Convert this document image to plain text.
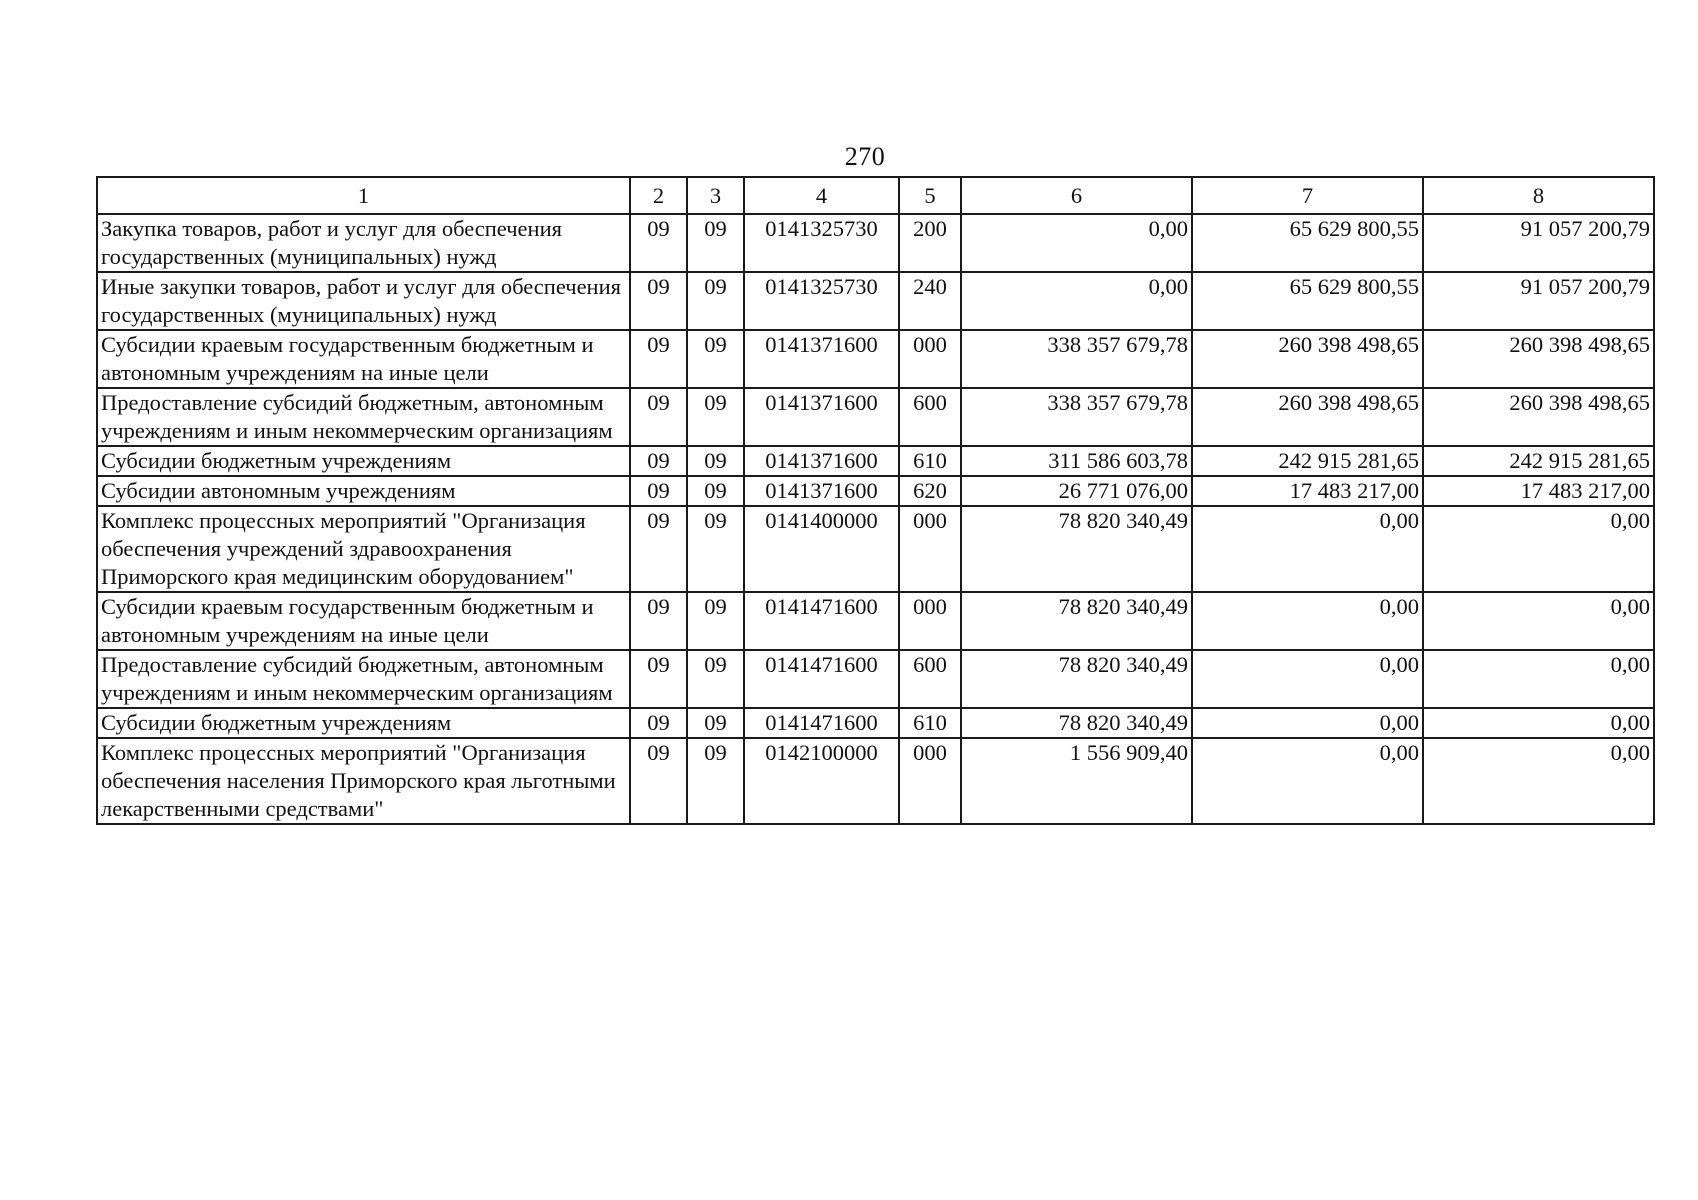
270
1	2	3	4	5	6	7	8
Закупка товаров, работ и услуг для обеспечения государственных (муниципальных) нужд	09	09	0141325730	200	0,00	65 629 800,55	91 057 200,79
Иные закупки товаров, работ и услуг для обеспечения государственных (муниципальных) нужд	09	09	0141325730	240	0,00	65 629 800,55	91 057 200,79
Субсидии краевым государственным бюджетным и автономным учреждениям на иные цели	09	09	0141371600	000	338 357 679,78	260 398 498,65	260 398 498,65
Предоставление субсидий бюджетным, автономным учреждениям и иным некоммерческим организациям	09	09	0141371600	600	338 357 679,78	260 398 498,65	260 398 498,65
Субсидии бюджетным учреждениям	09	09	0141371600	610	311 586 603,78	242 915 281,65	242 915 281,65
Субсидии автономным учреждениям	09	09	0141371600	620	26 771 076,00	17 483 217,00	17 483 217,00
Комплекс процессных мероприятий "Организация обеспечения учреждений здравоохранения Приморского края медицинским оборудованием"	09	09	0141400000	000	78 820 340,49	0,00	0,00
Субсидии краевым государственным бюджетным и автономным учреждениям на иные цели	09	09	0141471600	000	78 820 340,49	0,00	0,00
Предоставление субсидий бюджетным, автономным учреждениям и иным некоммерческим организациям	09	09	0141471600	600	78 820 340,49	0,00	0,00
Субсидии бюджетным учреждениям	09	09	0141471600	610	78 820 340,49	0,00	0,00
Комплекс процессных мероприятий "Организация обеспечения населения Приморского края льготными лекарственными средствами"	09	09	0142100000	000	1 556 909,40	0,00	0,00
